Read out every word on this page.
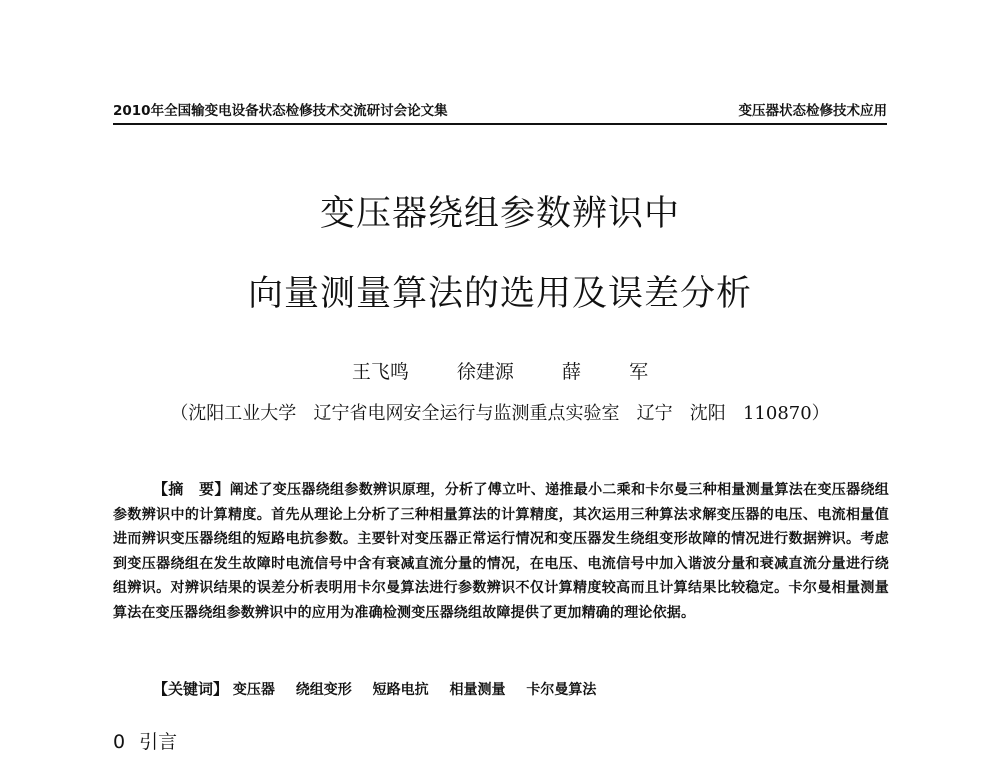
2010年全国输变电设备状态检修技术交流研讨会论文集	变压器状态检修技术应用
变压器绕组参数辨识中
向量测量算法的选用及误差分析
王飞鸣   徐建源   薛   军
（沈阳工业大学   辽宁省电网安全运行与监测重点实验室   辽宁   沈阳   110870）
【摘　要】阐述了变压器绕组参数辨识原理，分析了傅立叶、递推最小二乘和卡尔曼三种相量测量算法在变压器绕组参数辨识中的计算精度。首先从理论上分析了三种相量算法的计算精度，其次运用三种算法求解变压器的电压、电流相量值进而辨识变压器绕组的短路电抗参数。主要针对变压器正常运行情况和变压器发生绕组变形故障的情况进行数据辨识。考虑到变压器绕组在发生故障时电流信号中含有衰减直流分量的情况，在电压、电流信号中加入谐波分量和衰减直流分量进行绕组辨识。对辨识结果的误差分析表明用卡尔曼算法进行参数辨识不仅计算精度较高而且计算结果比较稳定。卡尔曼相量测量算法在变压器绕组参数辨识中的应用为准确检测变压器绕组故障提供了更加精确的理论依据。
【关键词】 变压器 绕组变形 短路电抗 相量测量 卡尔曼算法
0 引言
